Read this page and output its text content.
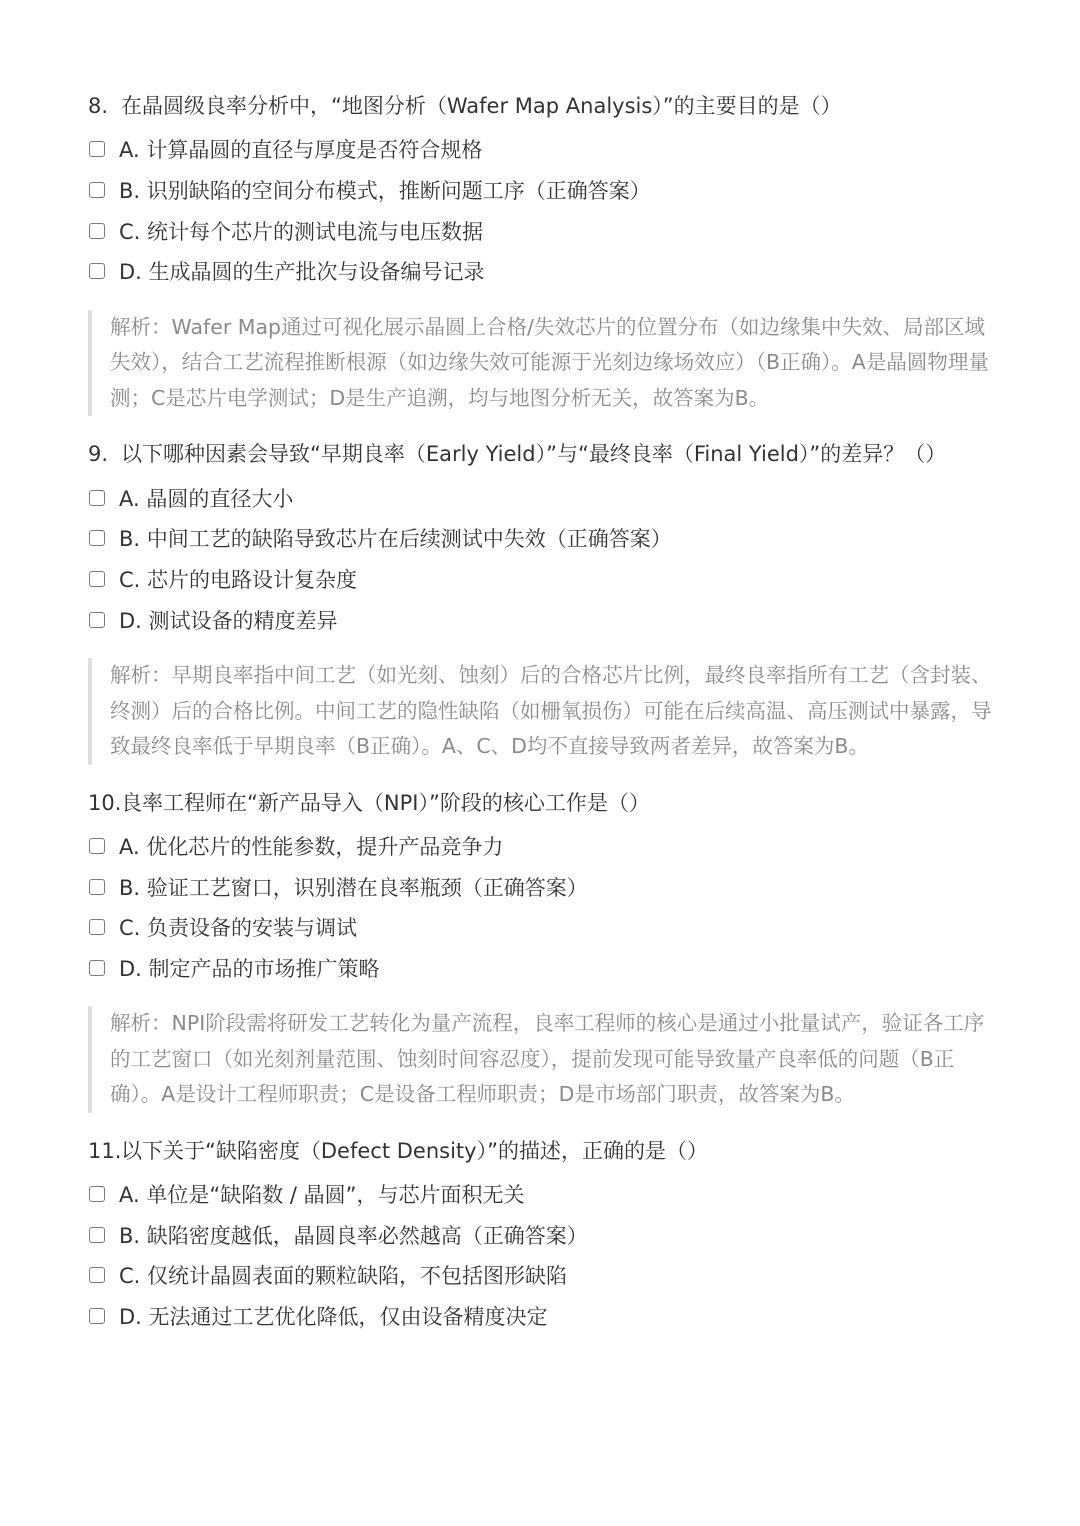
8. 在晶圆级良率分析中，“地图分析（Wafer Map Analysis）”的主要目的是（）
A. 计算晶圆的直径与厚度是否符合规格
B. 识别缺陷的空间分布模式，推断问题工序（正确答案）
C. 统计每个芯片的测试电流与电压数据
D. 生成晶圆的生产批次与设备编号记录
解析：Wafer Map通过可视化展示晶圆上合格/失效芯片的位置分布（如边缘集中失效、局部区域失效），结合工艺流程推断根源（如边缘失效可能源于光刻边缘场效应）（B正确）。A是晶圆物理量测；C是芯片电学测试；D是生产追溯，均与地图分析无关，故答案为B。
9. 以下哪种因素会导致“早期良率（Early Yield）”与“最终良率（Final Yield）”的差异？（）
A. 晶圆的直径大小
B. 中间工艺的缺陷导致芯片在后续测试中失效（正确答案）
C. 芯片的电路设计复杂度
D. 测试设备的精度差异
解析：早期良率指中间工艺（如光刻、蚀刻）后的合格芯片比例，最终良率指所有工艺（含封装、终测）后的合格比例。中间工艺的隐性缺陷（如栅氧损伤）可能在后续高温、高压测试中暴露，导致最终良率低于早期良率（B正确）。A、C、D均不直接导致两者差异，故答案为B。
10. 良率工程师在“新产品导入（NPI）”阶段的核心工作是（）
A. 优化芯片的性能参数，提升产品竞争力
B. 验证工艺窗口，识别潜在良率瓶颈（正确答案）
C. 负责设备的安装与调试
D. 制定产品的市场推广策略
解析：NPI阶段需将研发工艺转化为量产流程，良率工程师的核心是通过小批量试产，验证各工序的工艺窗口（如光刻剂量范围、蚀刻时间容忍度），提前发现可能导致量产良率低的问题（B正确）。A是设计工程师职责；C是设备工程师职责；D是市场部门职责，故答案为B。
11. 以下关于“缺陷密度（Defect Density）”的描述，正确的是（）
A. 单位是“缺陷数 / 晶圆”，与芯片面积无关
B. 缺陷密度越低，晶圆良率必然越高（正确答案）
C. 仅统计晶圆表面的颗粒缺陷，不包括图形缺陷
D. 无法通过工艺优化降低，仅由设备精度决定
